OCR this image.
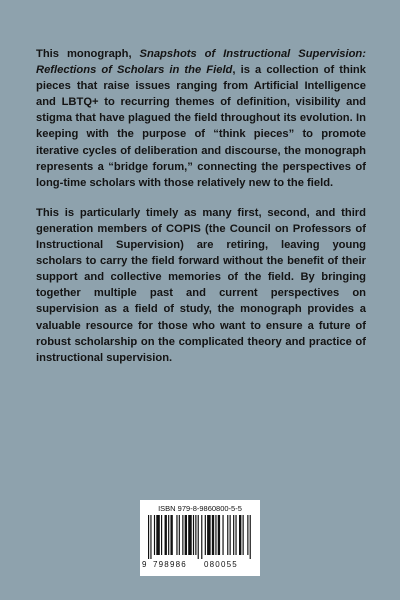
This monograph, Snapshots of Instructional Supervision: Reflections of Scholars in the Field, is a collection of think pieces that raise issues ranging from Artificial Intelligence and LBTQ+ to recurring themes of definition, visibility and stigma that have plagued the field throughout its evolution. In keeping with the purpose of “think pieces” to promote iterative cycles of deliberation and discourse, the monograph represents a “bridge forum,” connecting the perspectives of long-time scholars with those relatively new to the field.

This is particularly timely as many first, second, and third generation members of COPIS (the Council on Professors of Instructional Supervision) are retiring, leaving young scholars to carry the field forward without the benefit of their support and collective memories of the field. By bringing together multiple past and current perspectives on supervision as a field of study, the monograph provides a valuable resource for those who want to ensure a future of robust scholarship on the complicated theory and practice of instructional supervision.

ISBN 979-8-9860800-5-5
9 798986 080055
